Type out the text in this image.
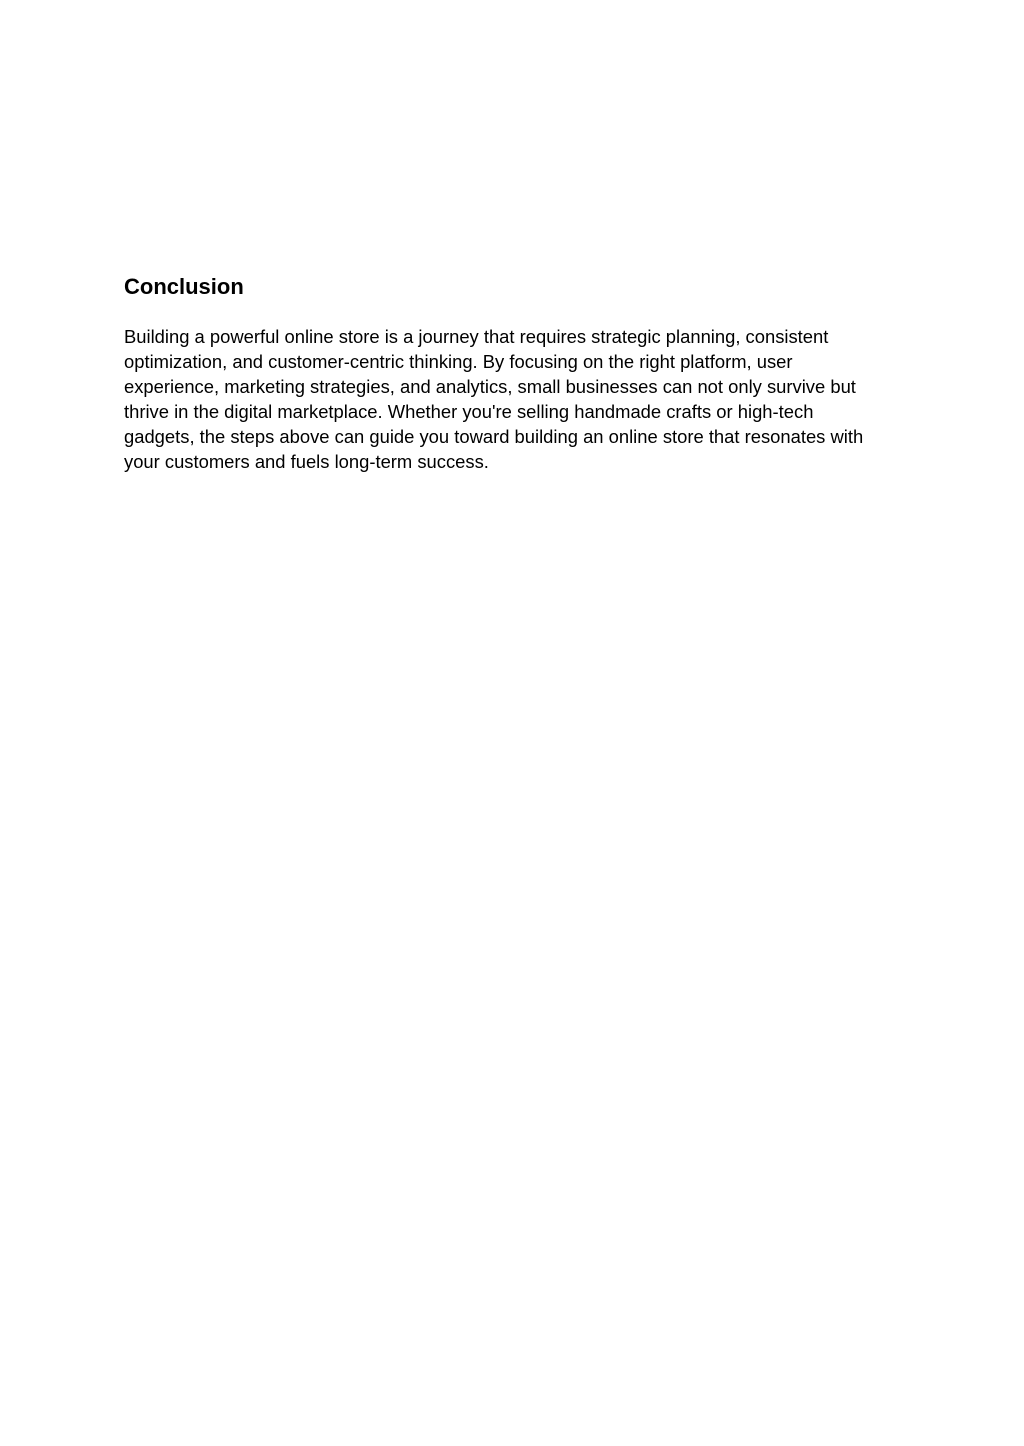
Conclusion

Building a powerful online store is a journey that requires strategic planning, consistent
optimization, and customer-centric thinking. By focusing on the right platform, user
experience, marketing strategies, and analytics, small businesses can not only survive but
thrive in the digital marketplace. Whether you're selling handmade crafts or high-tech
gadgets, the steps above can guide you toward building an online store that resonates with
your customers and fuels long-term success.
